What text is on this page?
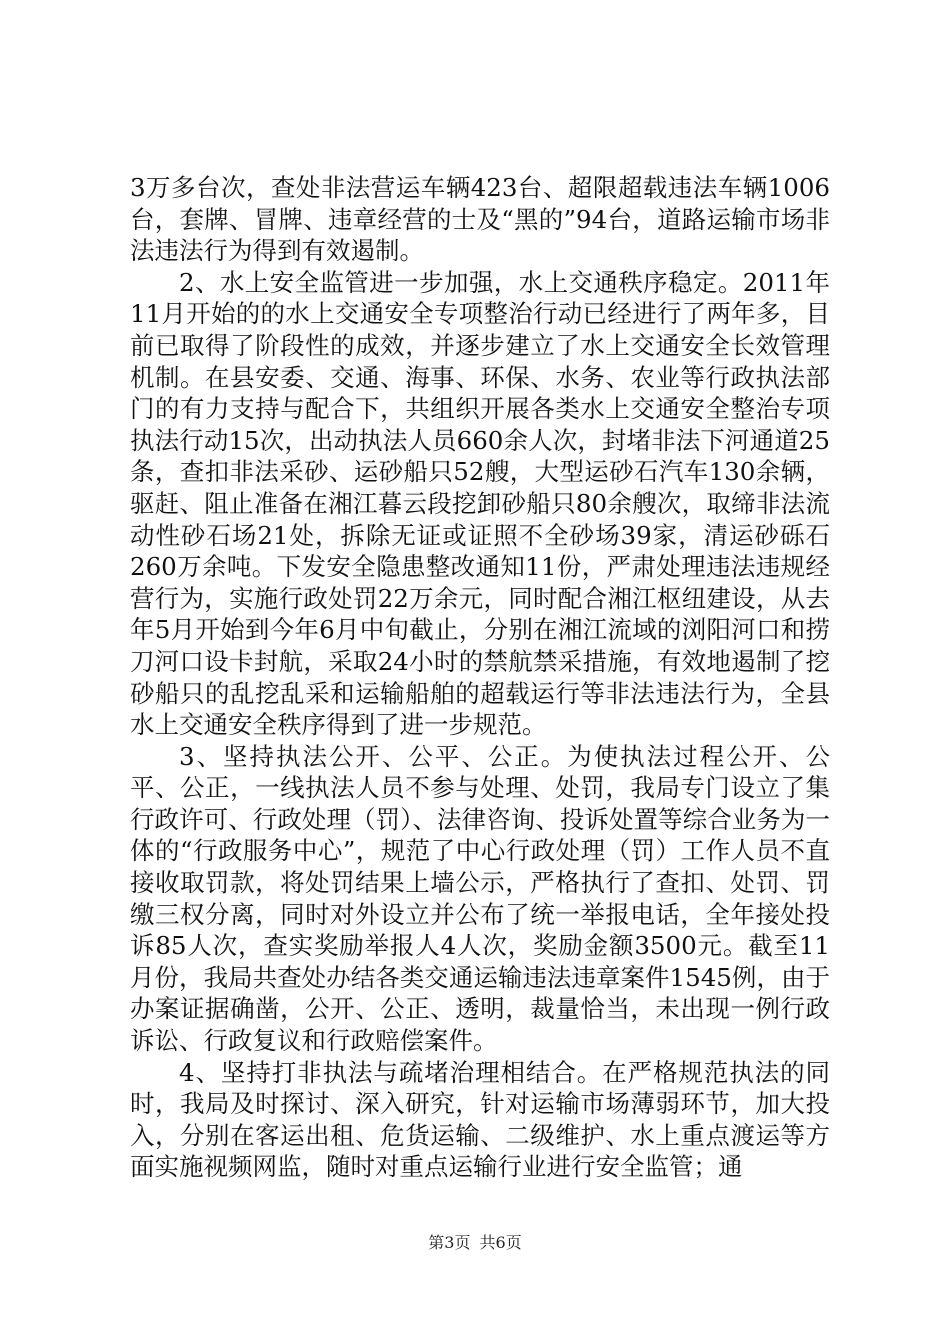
3万多台次，查处非法营运车辆423台、超限超载违法车辆1006台，套牌、冒牌、违章经营的士及“黑的”94台，道路运输市场非法违法行为得到有效遏制。

2、水上安全监管进一步加强，水上交通秩序稳定。2011年11月开始的的水上交通安全专项整治行动已经进行了两年多，目前已取得了阶段性的成效，并逐步建立了水上交通安全长效管理机制。在县安委、交通、海事、环保、水务、农业等行政执法部门的有力支持与配合下，共组织开展各类水上交通安全整治专项执法行动15次，出动执法人员660余人次，封堵非法下河通道25条，查扣非法采砂、运砂船只52艘，大型运砂石汽车130余辆，驱赶、阻止准备在湘江暮云段挖卸砂船只80余艘次，取缔非法流动性砂石场21处，拆除无证或证照不全砂场39家，清运砂砾石260万余吨。下发安全隐患整改通知11份，严肃处理违法违规经营行为，实施行政处罚22万余元，同时配合湘江枢纽建设，从去年5月开始到今年6月中旬截止，分别在湘江流域的浏阳河口和捞刀河口设卡封航，采取24小时的禁航禁采措施，有效地遏制了挖砂船只的乱挖乱采和运输船舶的超载运行等非法违法行为，全县水上交通安全秩序得到了进一步规范。

3、坚持执法公开、公平、公正。为使执法过程公开、公平、公正，一线执法人员不参与处理、处罚，我局专门设立了集行政许可、行政处理（罚）、法律咨询、投诉处置等综合业务为一体的“行政服务中心”，规范了中心行政处理（罚）工作人员不直接收取罚款，将处罚结果上墙公示，严格执行了查扣、处罚、罚缴三权分离，同时对外设立并公布了统一举报电话，全年接处投诉85人次，查实奖励举报人4人次，奖励金额3500元。截至11月份，我局共查处办结各类交通运输违法违章案件1545例，由于办案证据确凿，公开、公正、透明，裁量恰当，未出现一例行政诉讼、行政复议和行政赔偿案件。

4、坚持打非执法与疏堵治理相结合。在严格规范执法的同时，我局及时探讨、深入研究，针对运输市场薄弱环节，加大投入，分别在客运出租、危货运输、二级维护、水上重点渡运等方面实施视频网监，随时对重点运输行业进行安全监管；通

第3页 共6页
